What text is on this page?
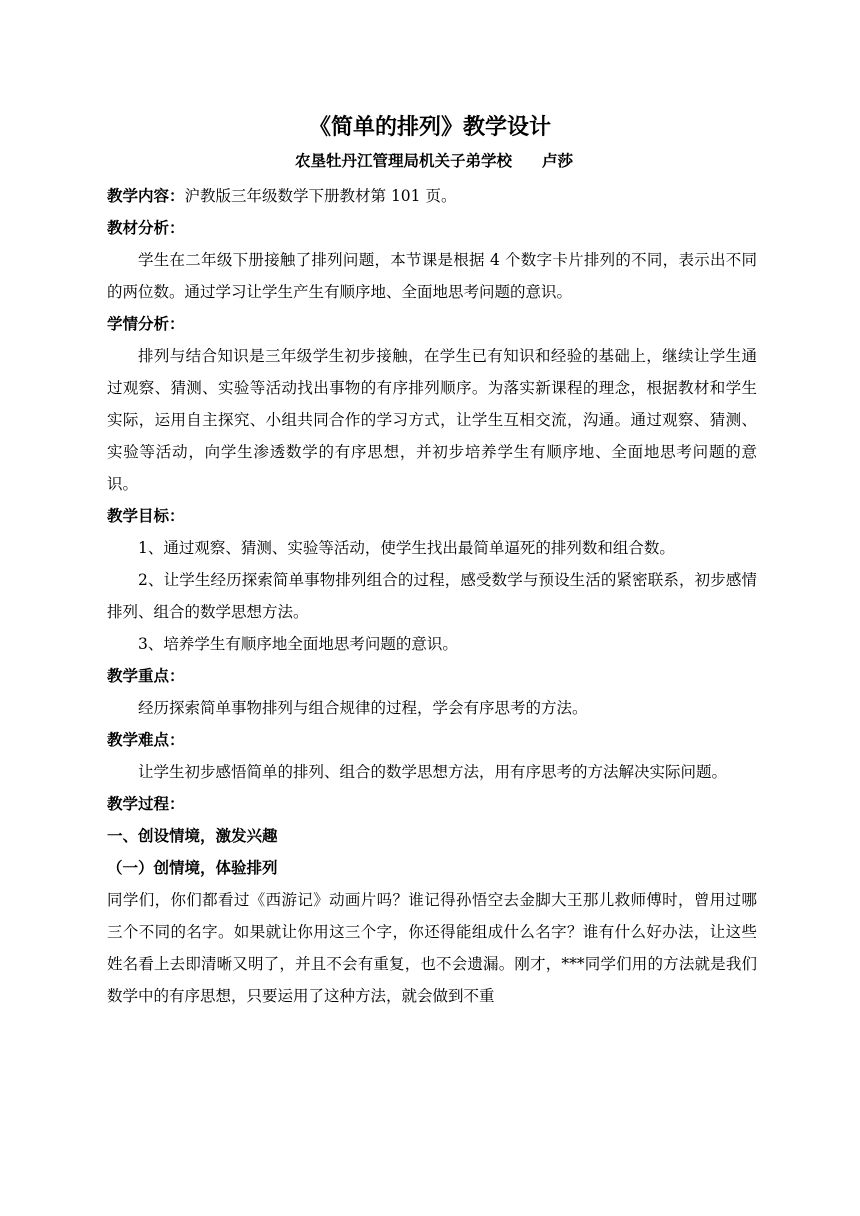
《简单的排列》教学设计
农垦牡丹江管理局机关子弟学校 卢莎

教学内容：沪教版三年级数学下册教材第 101 页。

教材分析：

学生在二年级下册接触了排列问题，本节课是根据 4 个数字卡片排列的不同，表示出不同的两位数。通过学习让学生产生有顺序地、全面地思考问题的意识。

学情分析：

排列与结合知识是三年级学生初步接触，在学生已有知识和经验的基础上，继续让学生通过观察、猜测、实验等活动找出事物的有序排列顺序。为落实新课程的理念，根据教材和学生实际，运用自主探究、小组共同合作的学习方式，让学生互相交流，沟通。通过观察、猜测、实验等活动，向学生渗透数学的有序思想，并初步培养学生有顺序地、全面地思考问题的意识。

教学目标：

1、通过观察、猜测、实验等活动，使学生找出最简单逼死的排列数和组合数。

2、让学生经历探索简单事物排列组合的过程，感受数学与预设生活的紧密联系，初步感情排列、组合的数学思想方法。

3、培养学生有顺序地全面地思考问题的意识。

教学重点：

经历探索简单事物排列与组合规律的过程，学会有序思考的方法。

教学难点：

让学生初步感悟简单的排列、组合的数学思想方法，用有序思考的方法解决实际问题。

教学过程：

一、创设情境，激发兴趣

（一）创情境，体验排列

同学们，你们都看过《西游记》动画片吗？谁记得孙悟空去金脚大王那儿救师傅时，曾用过哪三个不同的名字。如果就让你用这三个字，你还得能组成什么名字？谁有什么好办法，让这些姓名看上去即清晰又明了，并且不会有重复，也不会遗漏。刚才，***同学们用的方法就是我们数学中的有序思想，只要运用了这种方法，就会做到不重
